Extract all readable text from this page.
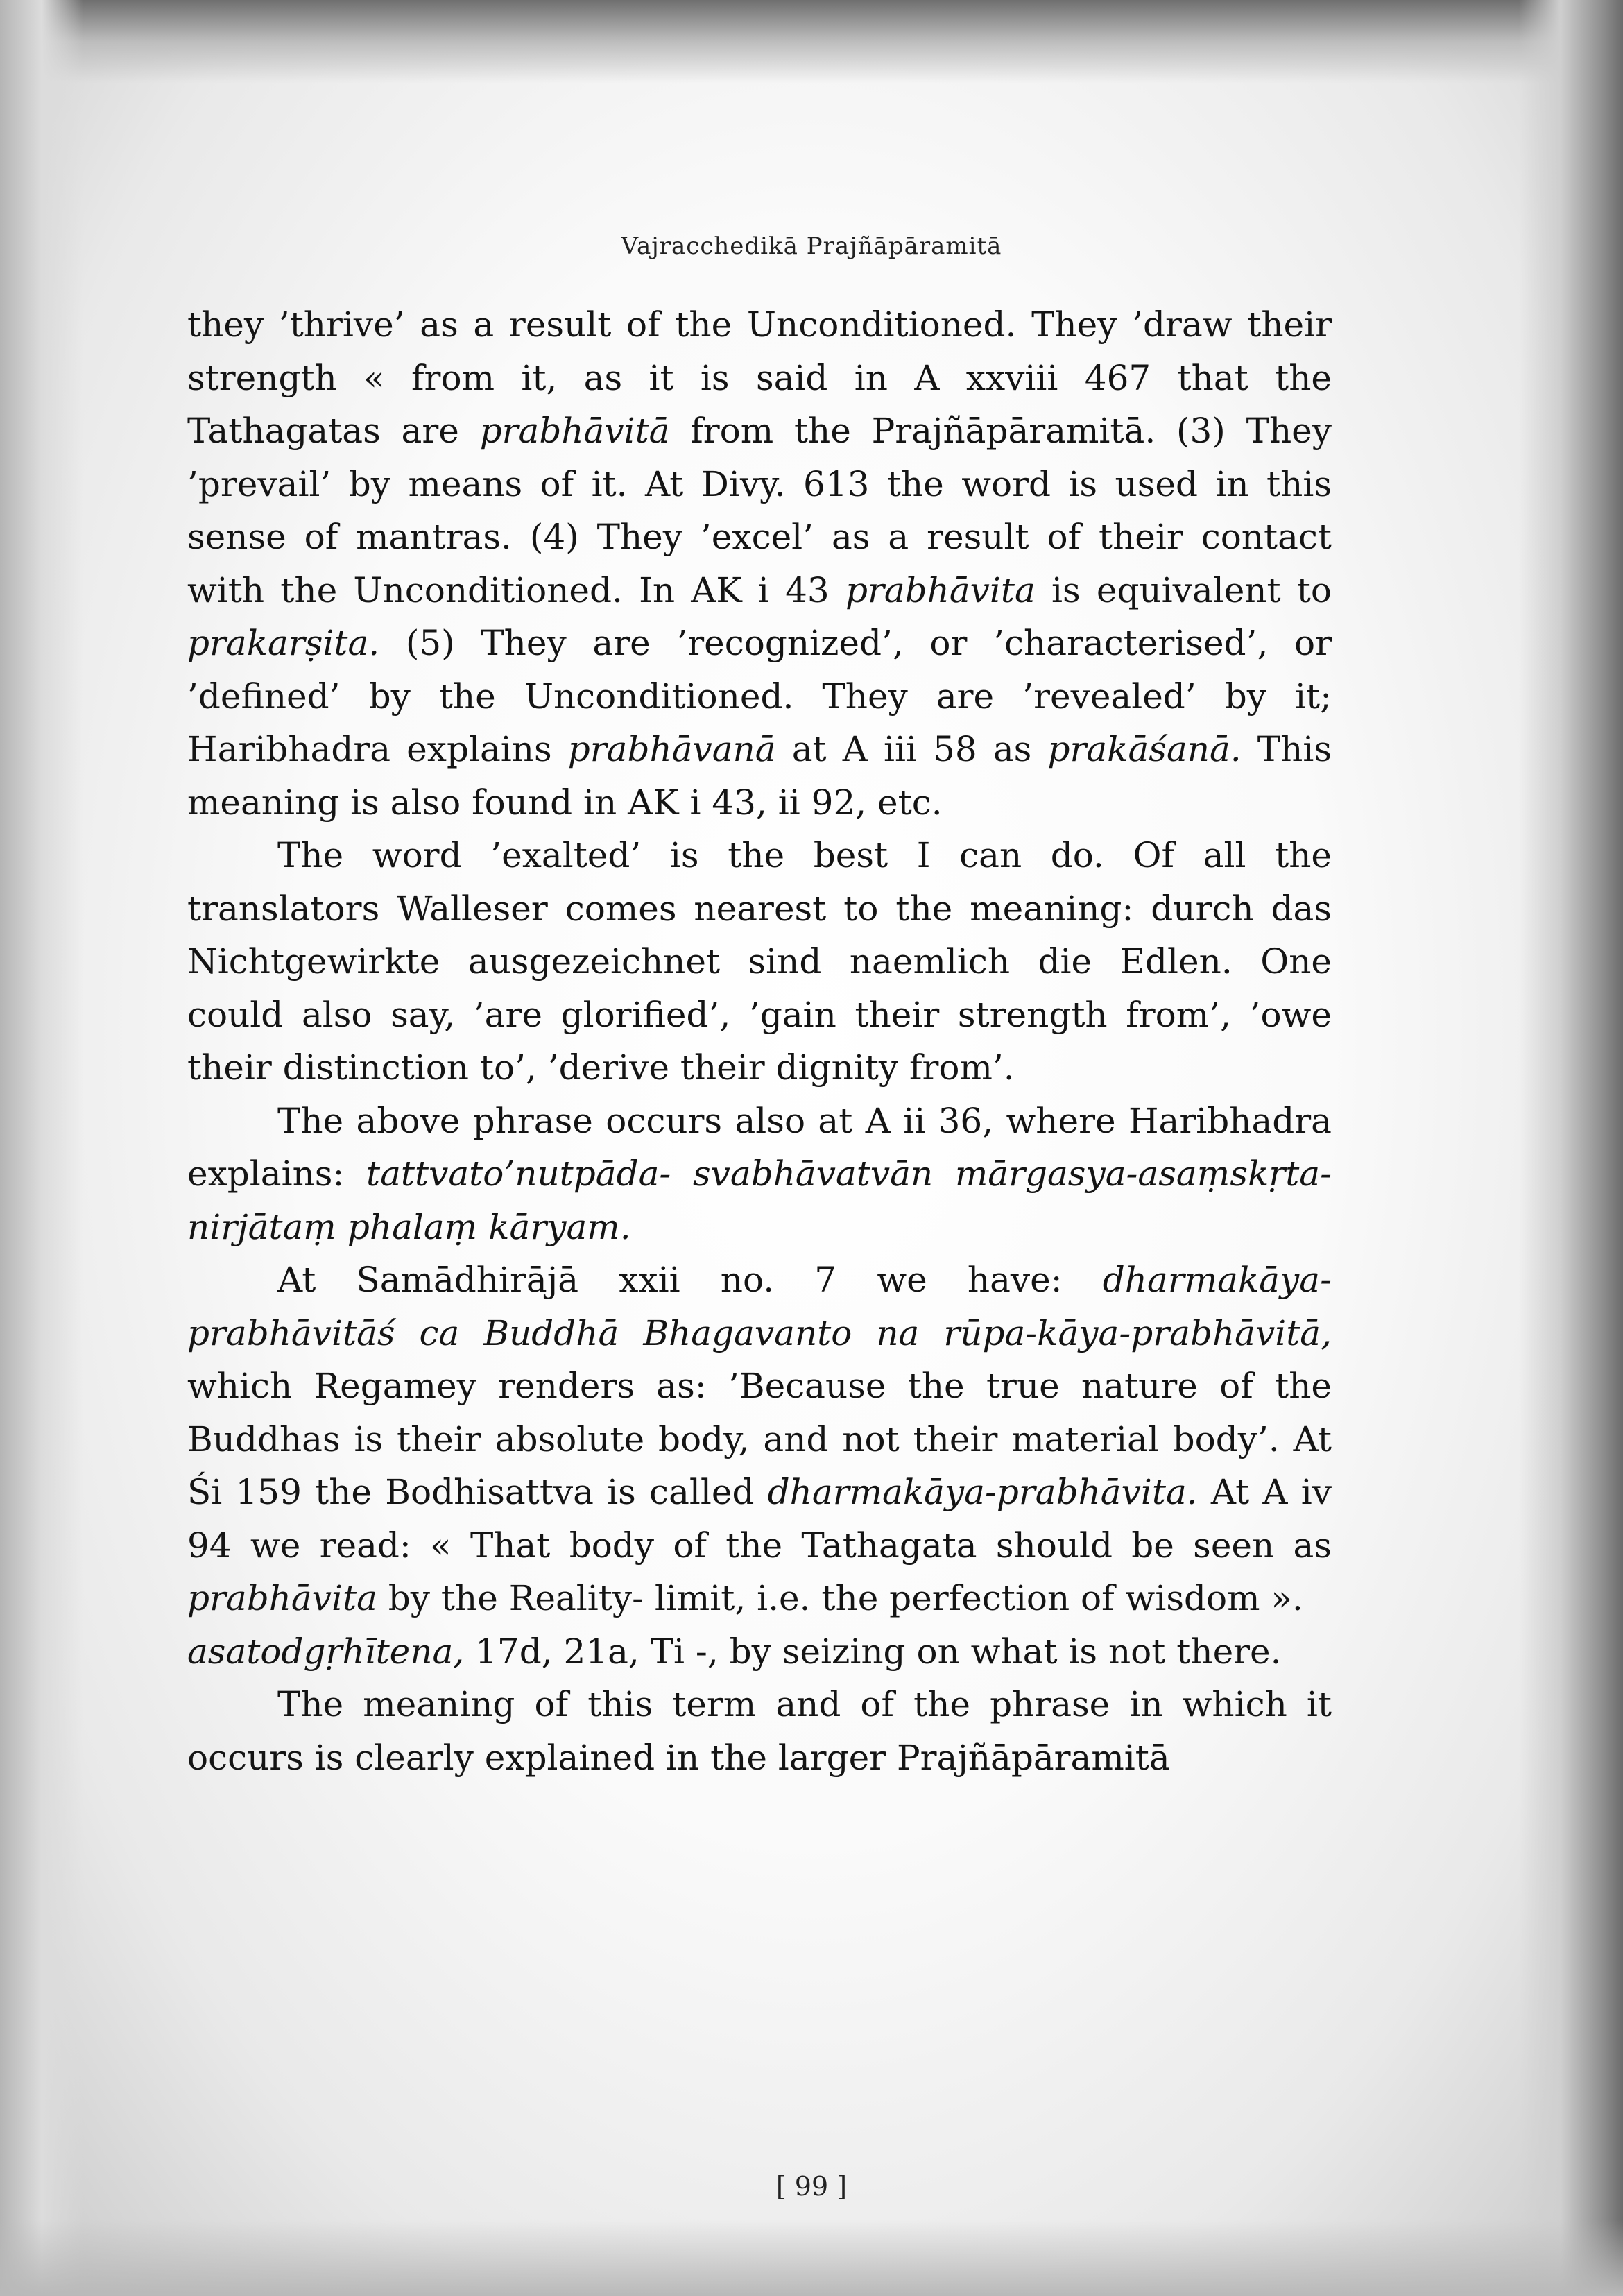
Vajracchedikā Prajñāpāramitā

they ’thrive’ as a result of the Unconditioned. They ’draw their strength « from it, as it is said in A xxviii 467 that the Tathagatas are prabhāvitā from the Prajñāpāramitā. (3) They ’prevail’ by means of it. At Divy. 613 the word is used in this sense of mantras. (4) They ’excel’ as a result of their contact with the Unconditioned. In AK i 43 prabhāvita is equivalent to prakarṣita. (5) They are ’recognized’, or ’characterised’, or ’defined’ by the Unconditioned. They are ’revealed’ by it; Haribhadra explains prabhāvanā at A iii 58 as prakāśanā. This meaning is also found in AK i 43, ii 92, etc.

The word ’exalted’ is the best I can do. Of all the translators Walleser comes nearest to the meaning: durch das Nichtgewirkte ausgezeichnet sind naemlich die Edlen. One could also say, ’are glorified’, ’gain their strength from’, ’owe their distinction to’, ’derive their dignity from’.

The above phrase occurs also at A ii 36, where Haribhadra explains: tattvato’nutpāda- svabhāvatvān mārgasya-asaṃskṛta-nirjātaṃ phalaṃ kāryam.

At Samādhirājā xxii no. 7 we have: dharmakāya-prabhāvitāś ca Buddhā Bhagavanto na rūpa-kāya-prabhāvitā, which Regamey renders as: ’Because the true nature of the Buddhas is their absolute body, and not their material body’. At Śi 159 the Bodhisattva is called dharmakāya-prabhāvita. At A iv 94 we read: « That body of the Tathagata should be seen as prabhāvita by the Reality- limit, i.e. the perfection of wisdom ».

asatodgṛhītena, 17d, 21a, Ti -, by seizing on what is not there.

The meaning of this term and of the phrase in which it occurs is clearly explained in the larger Prajñāpāramitā

[ 99 ]
